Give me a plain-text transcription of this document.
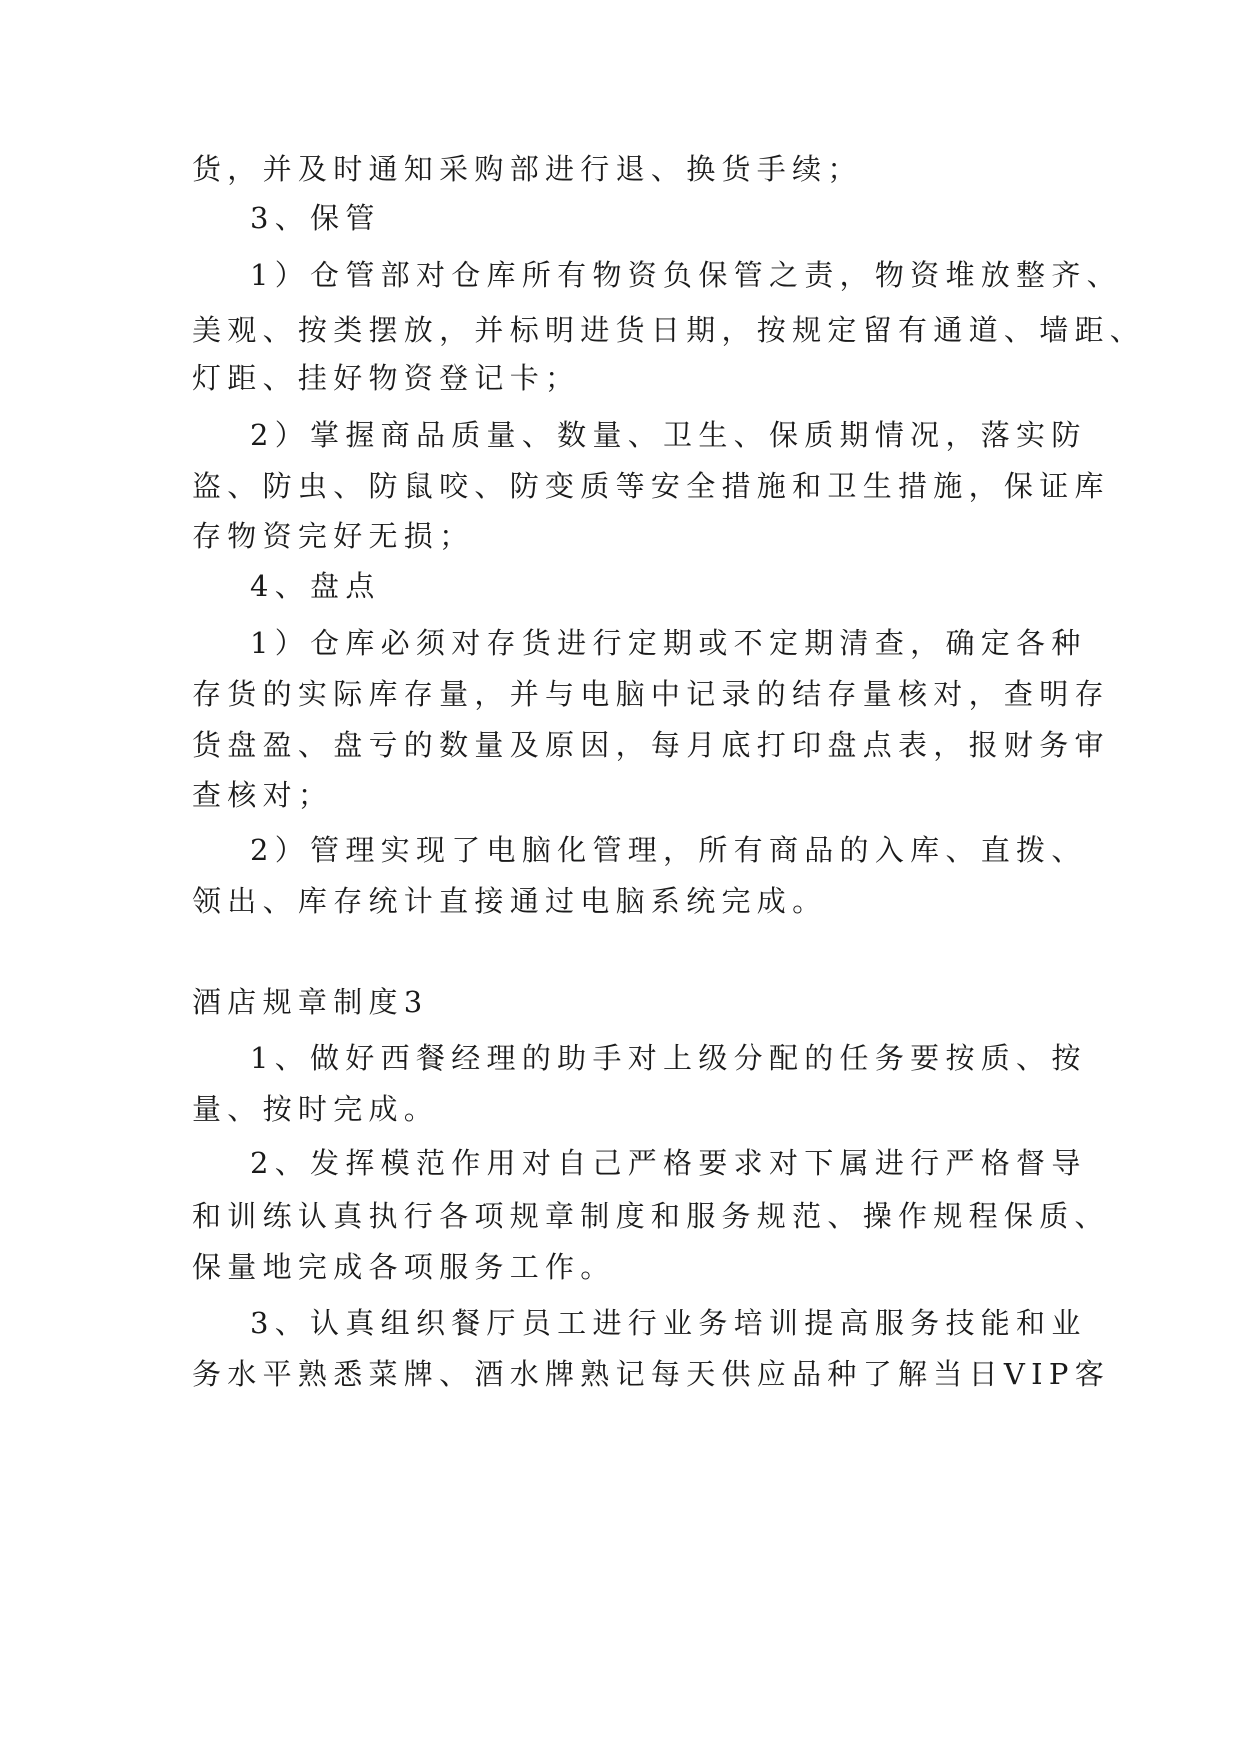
货，并及时通知采购部进行退、换货手续；
3、保管
1）仓管部对仓库所有物资负保管之责，物资堆放整齐、
美观、按类摆放，并标明进货日期，按规定留有通道、墙距、
灯距、挂好物资登记卡；
2）掌握商品质量、数量、卫生、保质期情况，落实防
盗、防虫、防鼠咬、防变质等安全措施和卫生措施，保证库
存物资完好无损；
4、盘点
1）仓库必须对存货进行定期或不定期清查，确定各种
存货的实际库存量，并与电脑中记录的结存量核对，查明存
货盘盈、盘亏的数量及原因，每月底打印盘点表，报财务审
查核对；
2）管理实现了电脑化管理，所有商品的入库、直拨、
领出、库存统计直接通过电脑系统完成。
酒店规章制度3
1、做好西餐经理的助手对上级分配的任务要按质、按
量、按时完成。
2、发挥模范作用对自己严格要求对下属进行严格督导
和训练认真执行各项规章制度和服务规范、操作规程保质、
保量地完成各项服务工作。
3、认真组织餐厅员工进行业务培训提高服务技能和业
务水平熟悉菜牌、酒水牌熟记每天供应品种了解当日VIP客
